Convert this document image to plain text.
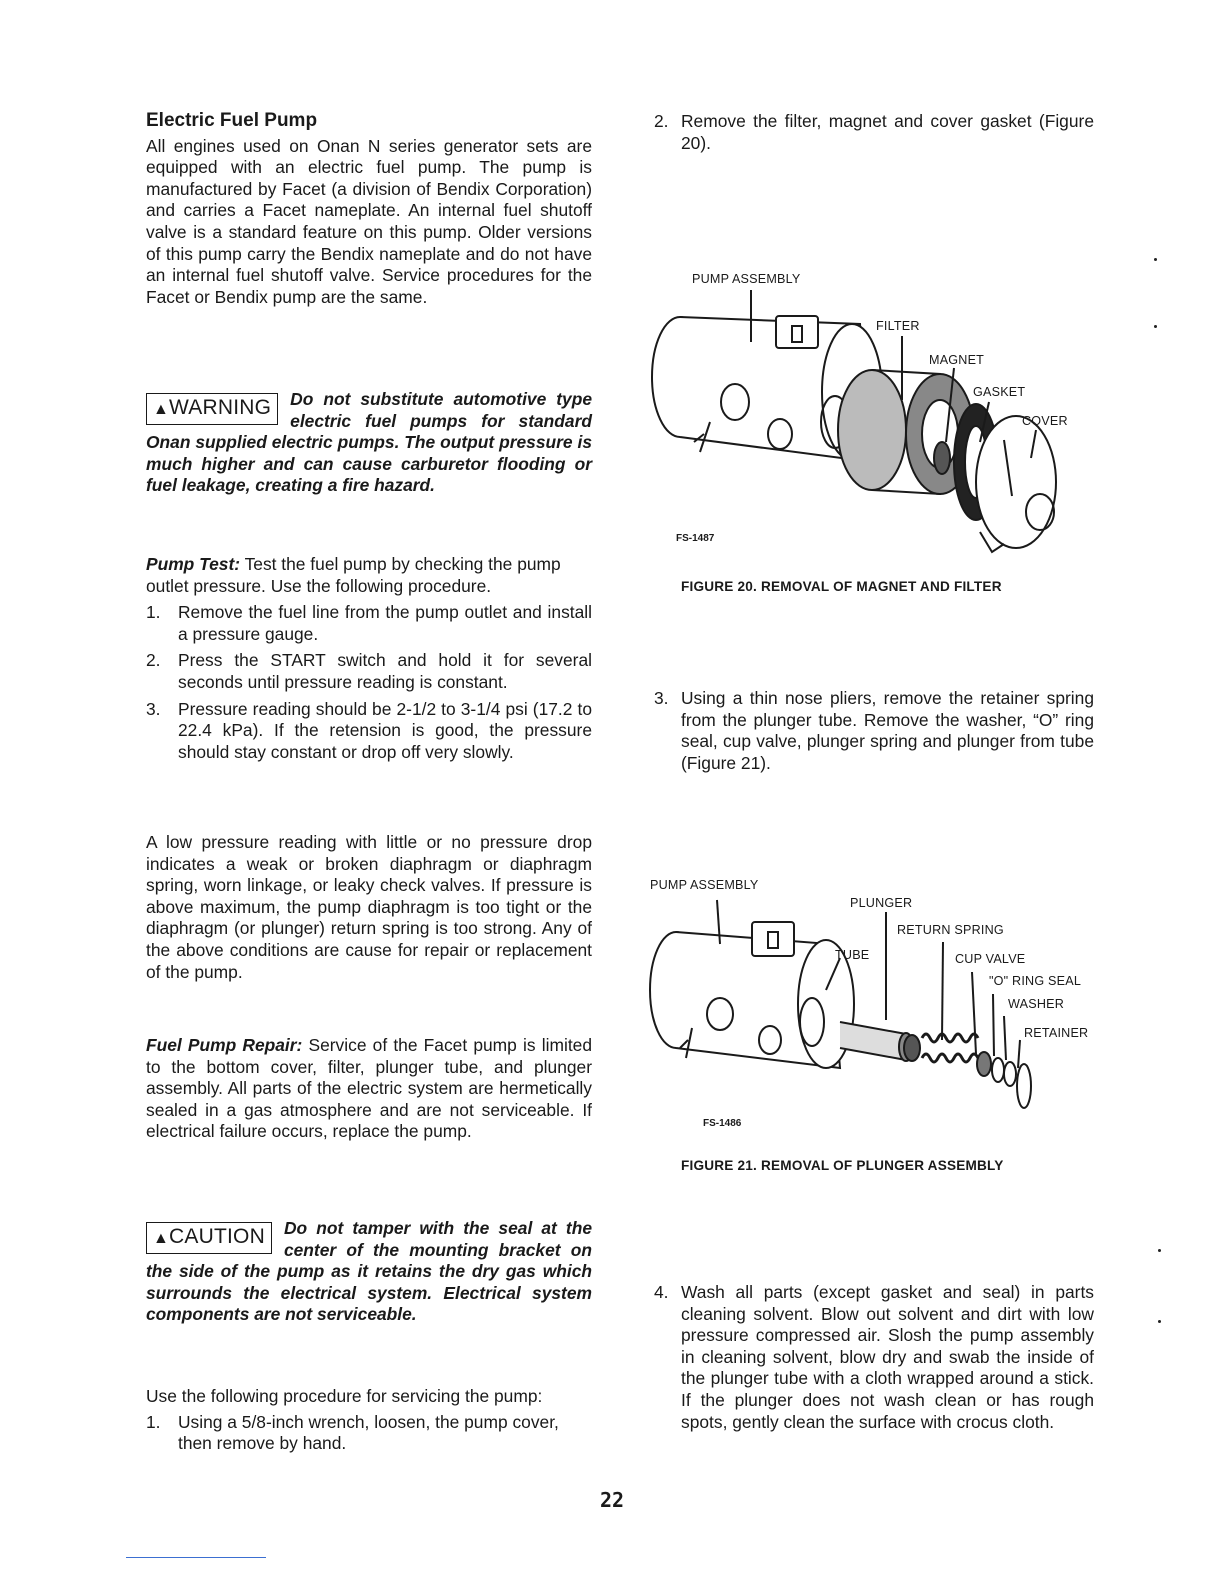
Electric Fuel Pump

All engines used on Onan N series generator sets are equipped with an electric fuel pump. The pump is manufactured by Facet (a division of Bendix Corporation) and carries a Facet nameplate. An internal fuel shutoff valve is a standard feature on this pump. Older versions of this pump carry the Bendix nameplate and do not have an internal fuel shutoff valve. Service procedures for the Facet or Bendix pump are the same.

▲WARNING	Do not substitute automotive type electric fuel pumps for standard Onan supplied electric pumps. The output pressure is much higher and can cause carburetor flooding or fuel leakage, creating a fire hazard.

Pump Test: Test the fuel pump by checking the pump outlet pressure. Use the following procedure.

1. Remove the fuel line from the pump outlet and install a pressure gauge.
2. Press the START switch and hold it for several seconds until pressure reading is constant.
3. Pressure reading should be 2-1/2 to 3-1/4 psi (17.2 to 22.4 kPa). If the retension is good, the pressure should stay constant or drop off very slowly.
A low pressure reading with little or no pressure drop indicates a weak or broken diaphragm or diaphragm spring, worn linkage, or leaky check valves. If pressure is above maximum, the pump diaphragm is too tight or the diaphragm (or plunger) return spring is too strong. Any of the above conditions are cause for repair or replacement of the pump.
Fuel Pump Repair: Service of the Facet pump is limited to the bottom cover, filter, plunger tube, and plunger assembly. All parts of the electric system are hermetically sealed in a gas atmosphere and are not serviceable. If electrical failure occurs, replace the pump.
▲CAUTION	Do not tamper with the seal at the center of the mounting bracket on the side of the pump as it retains the dry gas which surrounds the electrical system. Electrical system components are not serviceable.

Use the following procedure for servicing the pump:

1. Using a 5/8-inch wrench, loosen, the pump cover, then remove by hand.
2. Remove the filter, magnet and cover gasket (Figure 20).
PUMP ASSEMBLY
FILTER
MAGNET
GASKET
COVER
FS-1487
FIGURE 20. REMOVAL OF MAGNET AND FILTER
3. Using a thin nose pliers, remove the retainer spring from the plunger tube. Remove the washer, “O” ring seal, cup valve, plunger spring and plunger from tube (Figure 21).
PUMP ASSEMBLY
PLUNGER
RETURN SPRING
TUBE	CUP VALVE
"O" RING SEAL
WASHER
RETAINER
FS-1486
FIGURE 21. REMOVAL OF PLUNGER ASSEMBLY
4. Wash all parts (except gasket and seal) in parts cleaning solvent. Blow out solvent and dirt with low pressure compressed air. Slosh the pump assembly in cleaning solvent, blow dry and swab the inside of the plunger tube with a cloth wrapped around a stick. If the plunger does not wash clean or has rough spots, gently clean the surface with crocus cloth.
22
